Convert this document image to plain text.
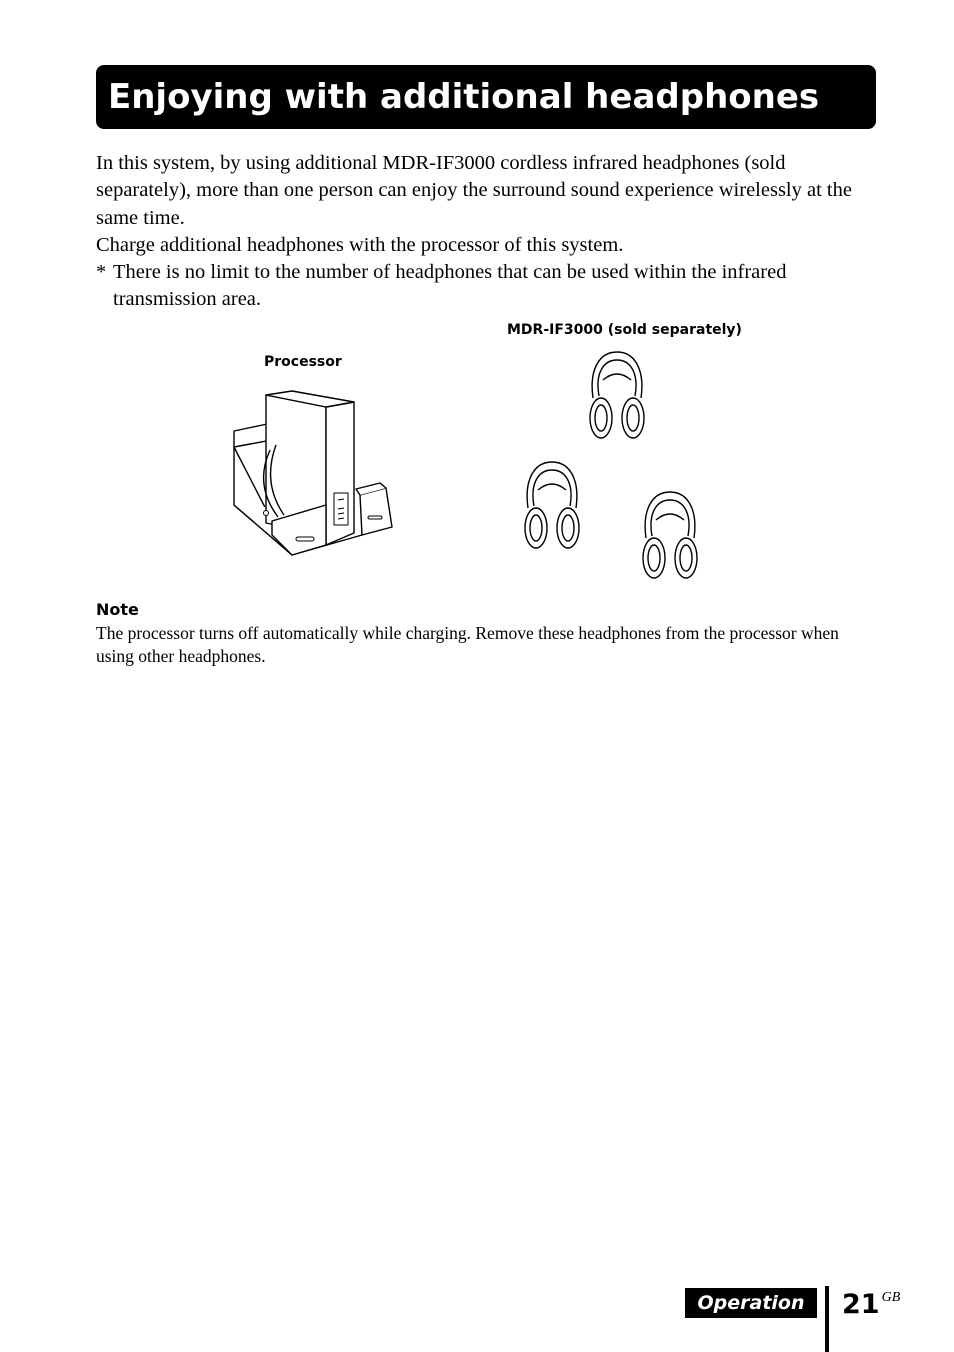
Enjoying with additional headphones

In this system, by using additional MDR-IF3000 cordless infrared headphones (sold separately), more than one person can enjoy the surround sound experience wirelessly at the same time.

Charge additional headphones with the processor of this system.

* There is no limit to the number of headphones that can be used within the infrared transmission area.

MDR-IF3000 (sold separately)
Processor
Note
The processor turns off automatically while charging. Remove these headphones from the processor when using other headphones.
Operation	21 $^{GB}$
